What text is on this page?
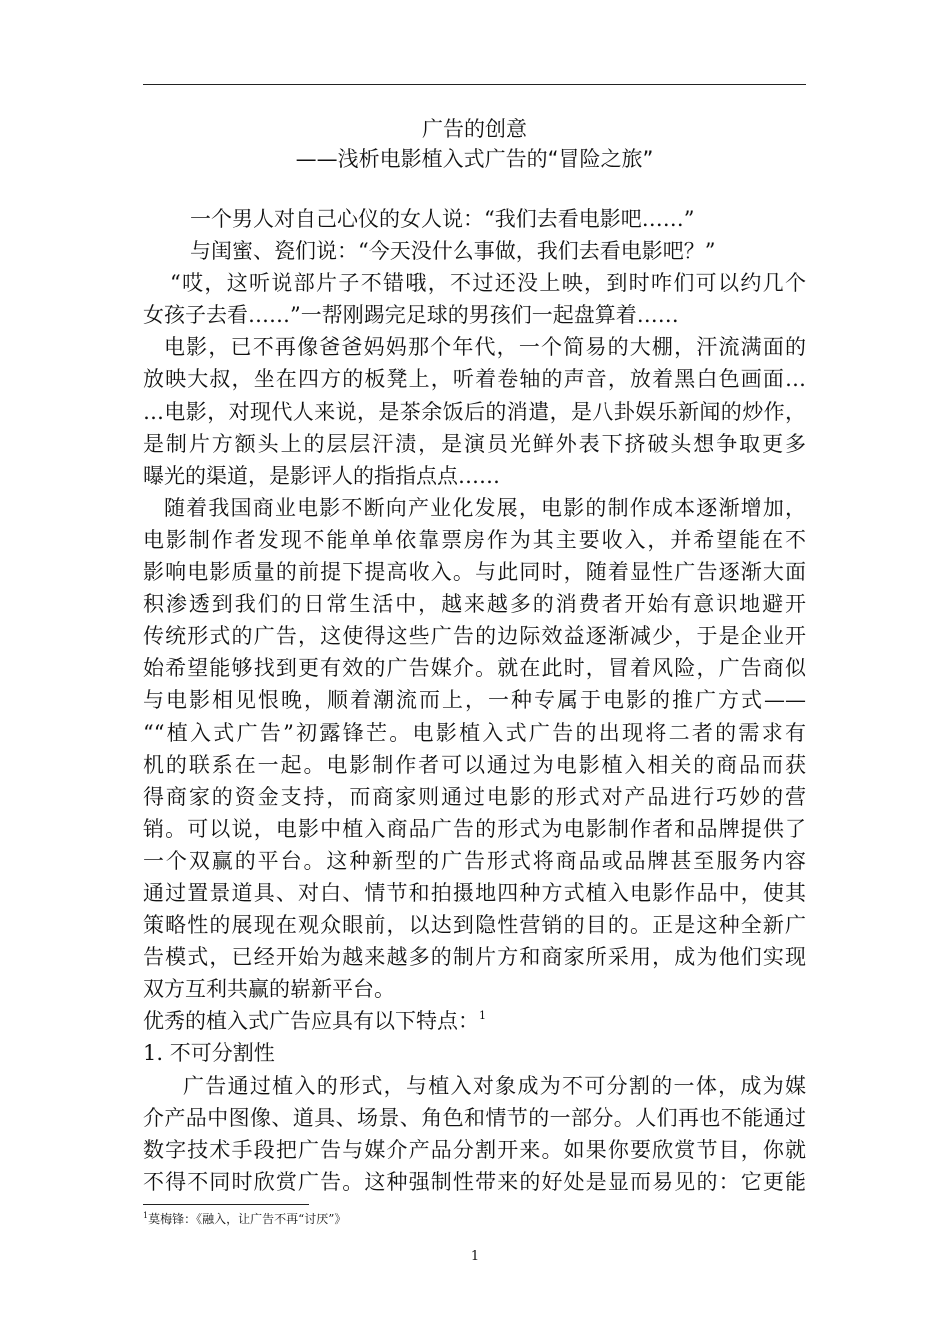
广告的创意
——浅析电影植入式广告的“冒险之旅”
一个男人对自己心仪的女人说：“我们去看电影吧……”
与闺蜜、瓷们说：“今天没什么事做，我们去看电影吧？”
“哎，这听说部片子不错哦，不过还没上映，到时咋们可以约几个
女孩子去看……”一帮刚踢完足球的男孩们一起盘算着……
电影，已不再像爸爸妈妈那个年代，一个简易的大棚，汗流满面的
放映大叔，坐在四方的板凳上，听着卷轴的声音，放着黑白色画面…
…电影，对现代人来说，是茶余饭后的消遣，是八卦娱乐新闻的炒作，
是制片方额头上的层层汗渍，是演员光鲜外表下挤破头想争取更多
曝光的渠道，是影评人的指指点点……
随着我国商业电影不断向产业化发展，电影的制作成本逐渐增加，
电影制作者发现不能单单依靠票房作为其主要收入，并希望能在不
影响电影质量的前提下提高收入。与此同时，随着显性广告逐渐大面
积渗透到我们的日常生活中，越来越多的消费者开始有意识地避开
传统形式的广告，这使得这些广告的边际效益逐渐减少，于是企业开
始希望能够找到更有效的广告媒介。就在此时，冒着风险，广告商似
与电影相见恨晚，顺着潮流而上，一种专属于电影的推广方式——
““植入式广告”初露锋芒。电影植入式广告的出现将二者的需求有
机的联系在一起。电影制作者可以通过为电影植入相关的商品而获
得商家的资金支持，而商家则通过电影的形式对产品进行巧妙的营
销。可以说，电影中植入商品广告的形式为电影制作者和品牌提供了
一个双赢的平台。这种新型的广告形式将商品或品牌甚至服务内容
通过置景道具、对白、情节和拍摄地四种方式植入电影作品中，使其
策略性的展现在观众眼前，以达到隐性营销的目的。正是这种全新广
告模式，已经开始为越来越多的制片方和商家所采用，成为他们实现
双方互利共赢的崭新平台。
优秀的植入式广告应具有以下特点：$^1$
1. 不可分割性
广告通过植入的形式，与植入对象成为不可分割的一体，成为媒
介产品中图像、道具、场景、角色和情节的一部分。人们再也不能通过
数字技术手段把广告与媒介产品分割开来。如果你要欣赏节目，你就
不得不同时欣赏广告。这种强制性带来的好处是显而易见的：它更能
$^1$莫梅锋：《融入，让广告不再“讨厌”》
1
